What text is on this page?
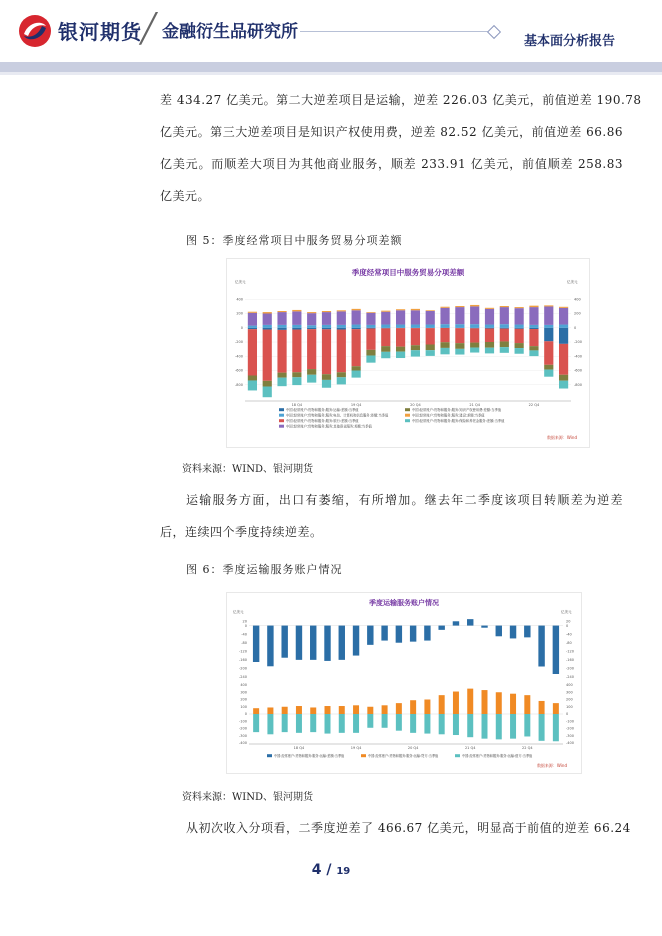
银河期货
╱ 金融衍生品研究所	基本面分析报告
差 434.27 亿美元。第二大逆差项目是运输，逆差 226.03 亿美元，前值逆差 190.78
亿美元。第三大逆差项目是知识产权使用费，逆差 82.52 亿美元，前值逆差 66.86
亿美元。而顺差大项目为其他商业服务，顺差 233.91 亿美元，前值顺差 258.83
亿美元。
图 5：季度经常项目中服务贸易分项差额
季度经常项目中服务贸易分项差额
亿美元	亿美元
数据来源：Wind
400	400
200	200
0	0
-200	-200
-400	-400
-600	-600
-800	-800
18 Q4	19 Q4	20 Q4	21 Q4	22 Q4
中国:经常账户:货物和服务:服务:运输:差额:当季值
中国:经常账户:货物和服务:服务:电信、计算机和信息服务:差额:当季值
中国:经常账户:货物和服务:服务:旅行:差额:当季值
中国:经常账户:货物和服务:服务:其他商业服务:差额:当季值
中国:经常账户:货物和服务:服务:知识产权使用费:差额:当季值
中国:经常账户:货物和服务:服务:建设:差额:当季值
中国:经常账户:货物和服务:服务:保险和养老金服务:差额:当季值
资料来源：WIND、银河期货
运输服务方面，出口有萎缩，有所增加。继去年二季度该项目转顺差为逆差
后，连续四个季度持续逆差。
图 6：季度运输服务账户情况
季度运输服务账户情况
亿美元	亿美元
数据来源：Wind
20	20
0	0
-40	-40
-80	-80
-120	-120
-160	-160
-200	-200
-240	-240
400	400
300	300
200	200
100	100
0	0
-100	-100
-200	-200
-300	-300
-400	-400
18 Q4	19 Q4	20 Q4	21 Q4	22 Q4
中国:经常账户:货物和服务:服务:运输:差额:当季值	中国:经常账户:货物和服务:服务:运输:贷方:当季值	中国:经常账户:货物和服务:服务:运输:借方:当季值
资料来源：WIND、银河期货
从初次收入分项看，二季度逆差了 466.67 亿美元，明显高于前值的逆差 66.24
4 / 19
